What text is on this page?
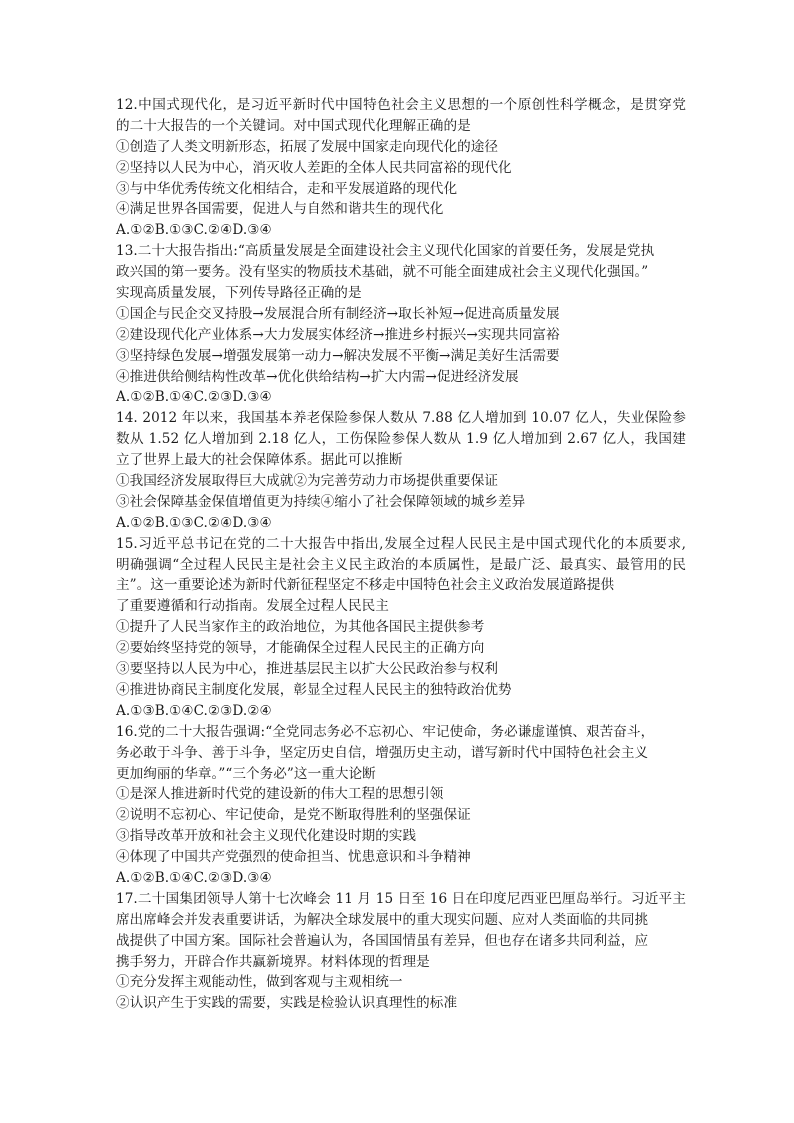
12.中国式现代化，是习近平新时代中国特色社会主义思想的一个原创性科学概念，是贯穿党
的二十大报告的一个关键词。对中国式现代化理解正确的是
①创造了人类文明新形态，拓展了发展中国家走向现代化的途径
②坚持以人民为中心，消灭收人差距的全体人民共同富裕的现代化
③与中华优秀传统文化相结合，走和平发展道路的现代化
④满足世界各国需要，促进人与自然和谐共生的现代化
A.①②B.①③C.②④D.③④
13.二十大报告指出:“高质量发展是全面建设社会主义现代化国家的首要任务，发展是党执
政兴国的第一要务。没有坚实的物质技术基础，就不可能全面建成社会主义现代化强国。”
实现高质量发展，下列传导路径正确的是
①国企与民企交叉持股→发展混合所有制经济→取长补短→促进高质量发展
②建设现代化产业体系→大力发展实体经济→推进乡村振兴→实现共同富裕
③坚持绿色发展→增强发展第一动力→解决发展不平衡→满足美好生活需要
④推进供给侧结构性改革→优化供给结构→扩大内需→促进经济发展
A.①②B.①④C.②③D.③④
14. 2012 年以来，我国基本养老保险参保人数从 7.88 亿人增加到 10.07 亿人，失业保险参
数从 1.52 亿人增加到 2.18 亿人，工伤保险参保人数从 1.9 亿人增加到 2.67 亿人，我国建
立了世界上最大的社会保障体系。据此可以推断
①我国经济发展取得巨大成就②为完善劳动力市场提供重要保证
③社会保障基金保值增值更为持续④缩小了社会保障领域的城乡差异
A.①②B.①③C.②④D.③④
15.习近平总书记在党的二十大报告中指出,发展全过程人民民主是中国式现代化的本质要求,
明确强调“全过程人民民主是社会主义民主政治的本质属性，是最广泛、最真实、最管用的民
主”。这一重要论述为新时代新征程坚定不移走中国特色社会主义政治发展道路提供
了重要遵循和行动指南。发展全过程人民民主
①提升了人民当家作主的政治地位，为其他各国民主提供参考
②要始终坚持党的领导，才能确保全过程人民民主的正确方向
③要坚持以人民为中心，推进基层民主以扩大公民政治参与权利
④推进协商民主制度化发展，彰显全过程人民民主的独特政治优势
A.①③B.①④C.②③D.②④
16.党的二十大报告强调:“全党同志务必不忘初心、牢记使命，务必谦虚谨慎、艰苦奋斗，
务必敢于斗争、善于斗争，坚定历史自信，增强历史主动，谱写新时代中国特色社会主义
更加绚丽的华章。”“三个务必”这一重大论断
①是深人推进新时代党的建设新的伟大工程的思想引领
②说明不忘初心、牢记使命，是党不断取得胜利的坚强保证
③指导改革开放和社会主义现代化建设时期的实践
④体现了中国共产党强烈的使命担当、忧患意识和斗争精神
A.①②B.①④C.②③D.③④
17.二十国集团领导人第十七次峰会 11 月 15 日至 16 日在印度尼西亚巴厘岛举行。习近平主
席出席峰会并发表重要讲话，为解决全球发展中的重大现实问题、应对人类面临的共同挑
战提供了中国方案。国际社会普遍认为，各国国情虽有差异，但也存在诸多共同利益，应
携手努力，开辟合作共赢新境界。材料体现的哲理是
①充分发挥主观能动性，做到客观与主观相统一
②认识产生于实践的需要，实践是检验认识真理性的标准
